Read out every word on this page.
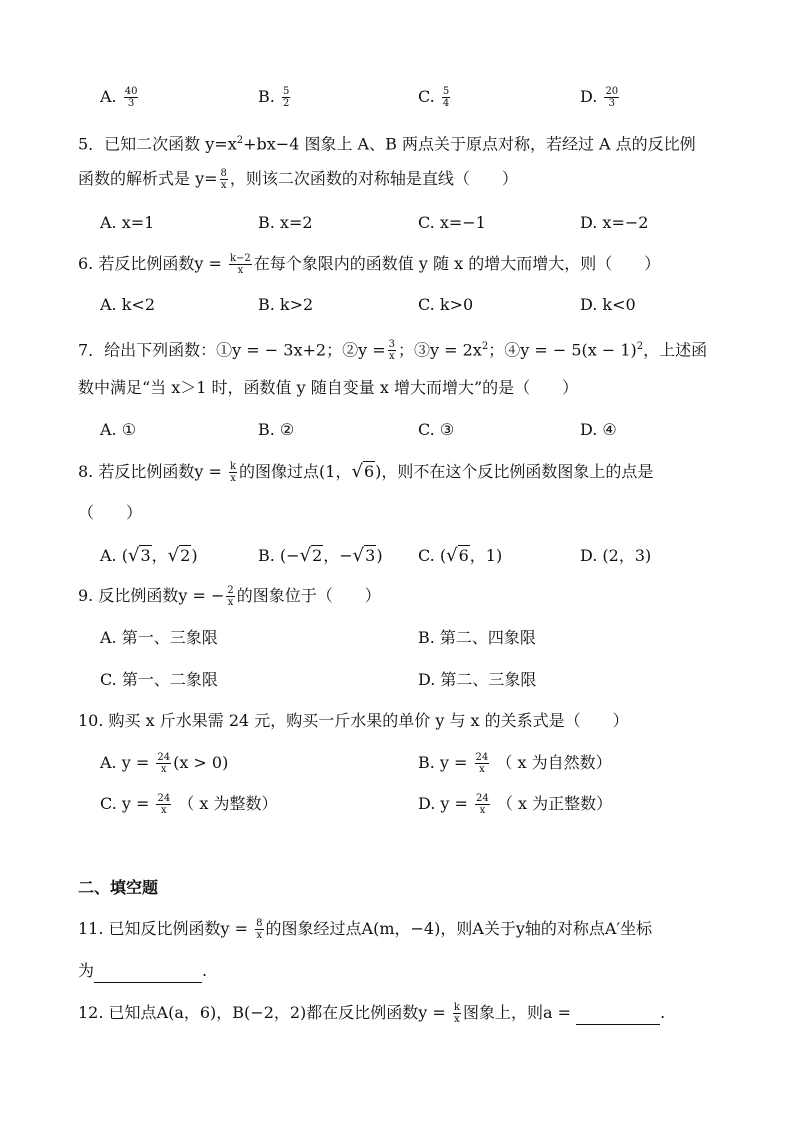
A. $\frac{40}{3}$	B. $\frac{5}{2}$	C. $\frac{5}{4}$	D. $\frac{20}{3}$
5．已知二次函数 $y=x^2+bx-4$ 图象上 A、B 两点关于原点对称，若经过 A 点的反比例
函数的解析式是 $y= \frac{8}{x}$ ，则该二次函数的对称轴是直线（　　）
A. x=1	B. x=2	C. x=−1	D. x=−2
6. 若反比例函数$y = \frac{k-2}{x}$ 在每个象限内的函数值 y 随 x 的增大而增大，则（　　）
A. k<2	B. k>2	C. k>0	D. k<0
7．给出下列函数：①y = − 3x+2；②y = $\frac{3}{x}$ ；③y = $2x^2$；④y = − $5(x - 1)^2$，上述函
数中满足“当 x＞1 时，函数值 y 随自变量 x 增大而增大”的是（　　）
A. ①	B. ②	C. ③	D. ④
8. 若反比例函数$y = \frac{k}{x}$ 的图像过点(1，√6)，则不在这个反比例函数图象上的点是
（　　）
A. (√3，√2)	B. (−√2，−√3) C. (√6，1)	D. (2，3)
9. 反比例函数y = − $\frac{2}{x}$ 的图象位于（　　）
A. 第一、三象限	B. 第二、四象限
C. 第一、二象限	D. 第二、三象限
10. 购买 x 斤水果需 24 元，购买一斤水果的单价 y 与 x 的关系式是（　　）
A. $y = \frac{24}{x} (x > 0)$	B. $y = \frac{24}{x}$ （ x 为自然数）
C. $y = \frac{24}{x}$ （ x 为整数）	D. $y = \frac{24}{x}$ （ x 为正整数）
二、填空题
11. 已知反比例函数$y = \frac{8}{x}$ 的图象经过点A(m，−4)，则A关于y轴的对称点A′坐标
为	.
12. 已知点A(a，6)，B(−2，2)都在反比例函数$y = \frac{k}{x}$ 图象上，则a =	.
